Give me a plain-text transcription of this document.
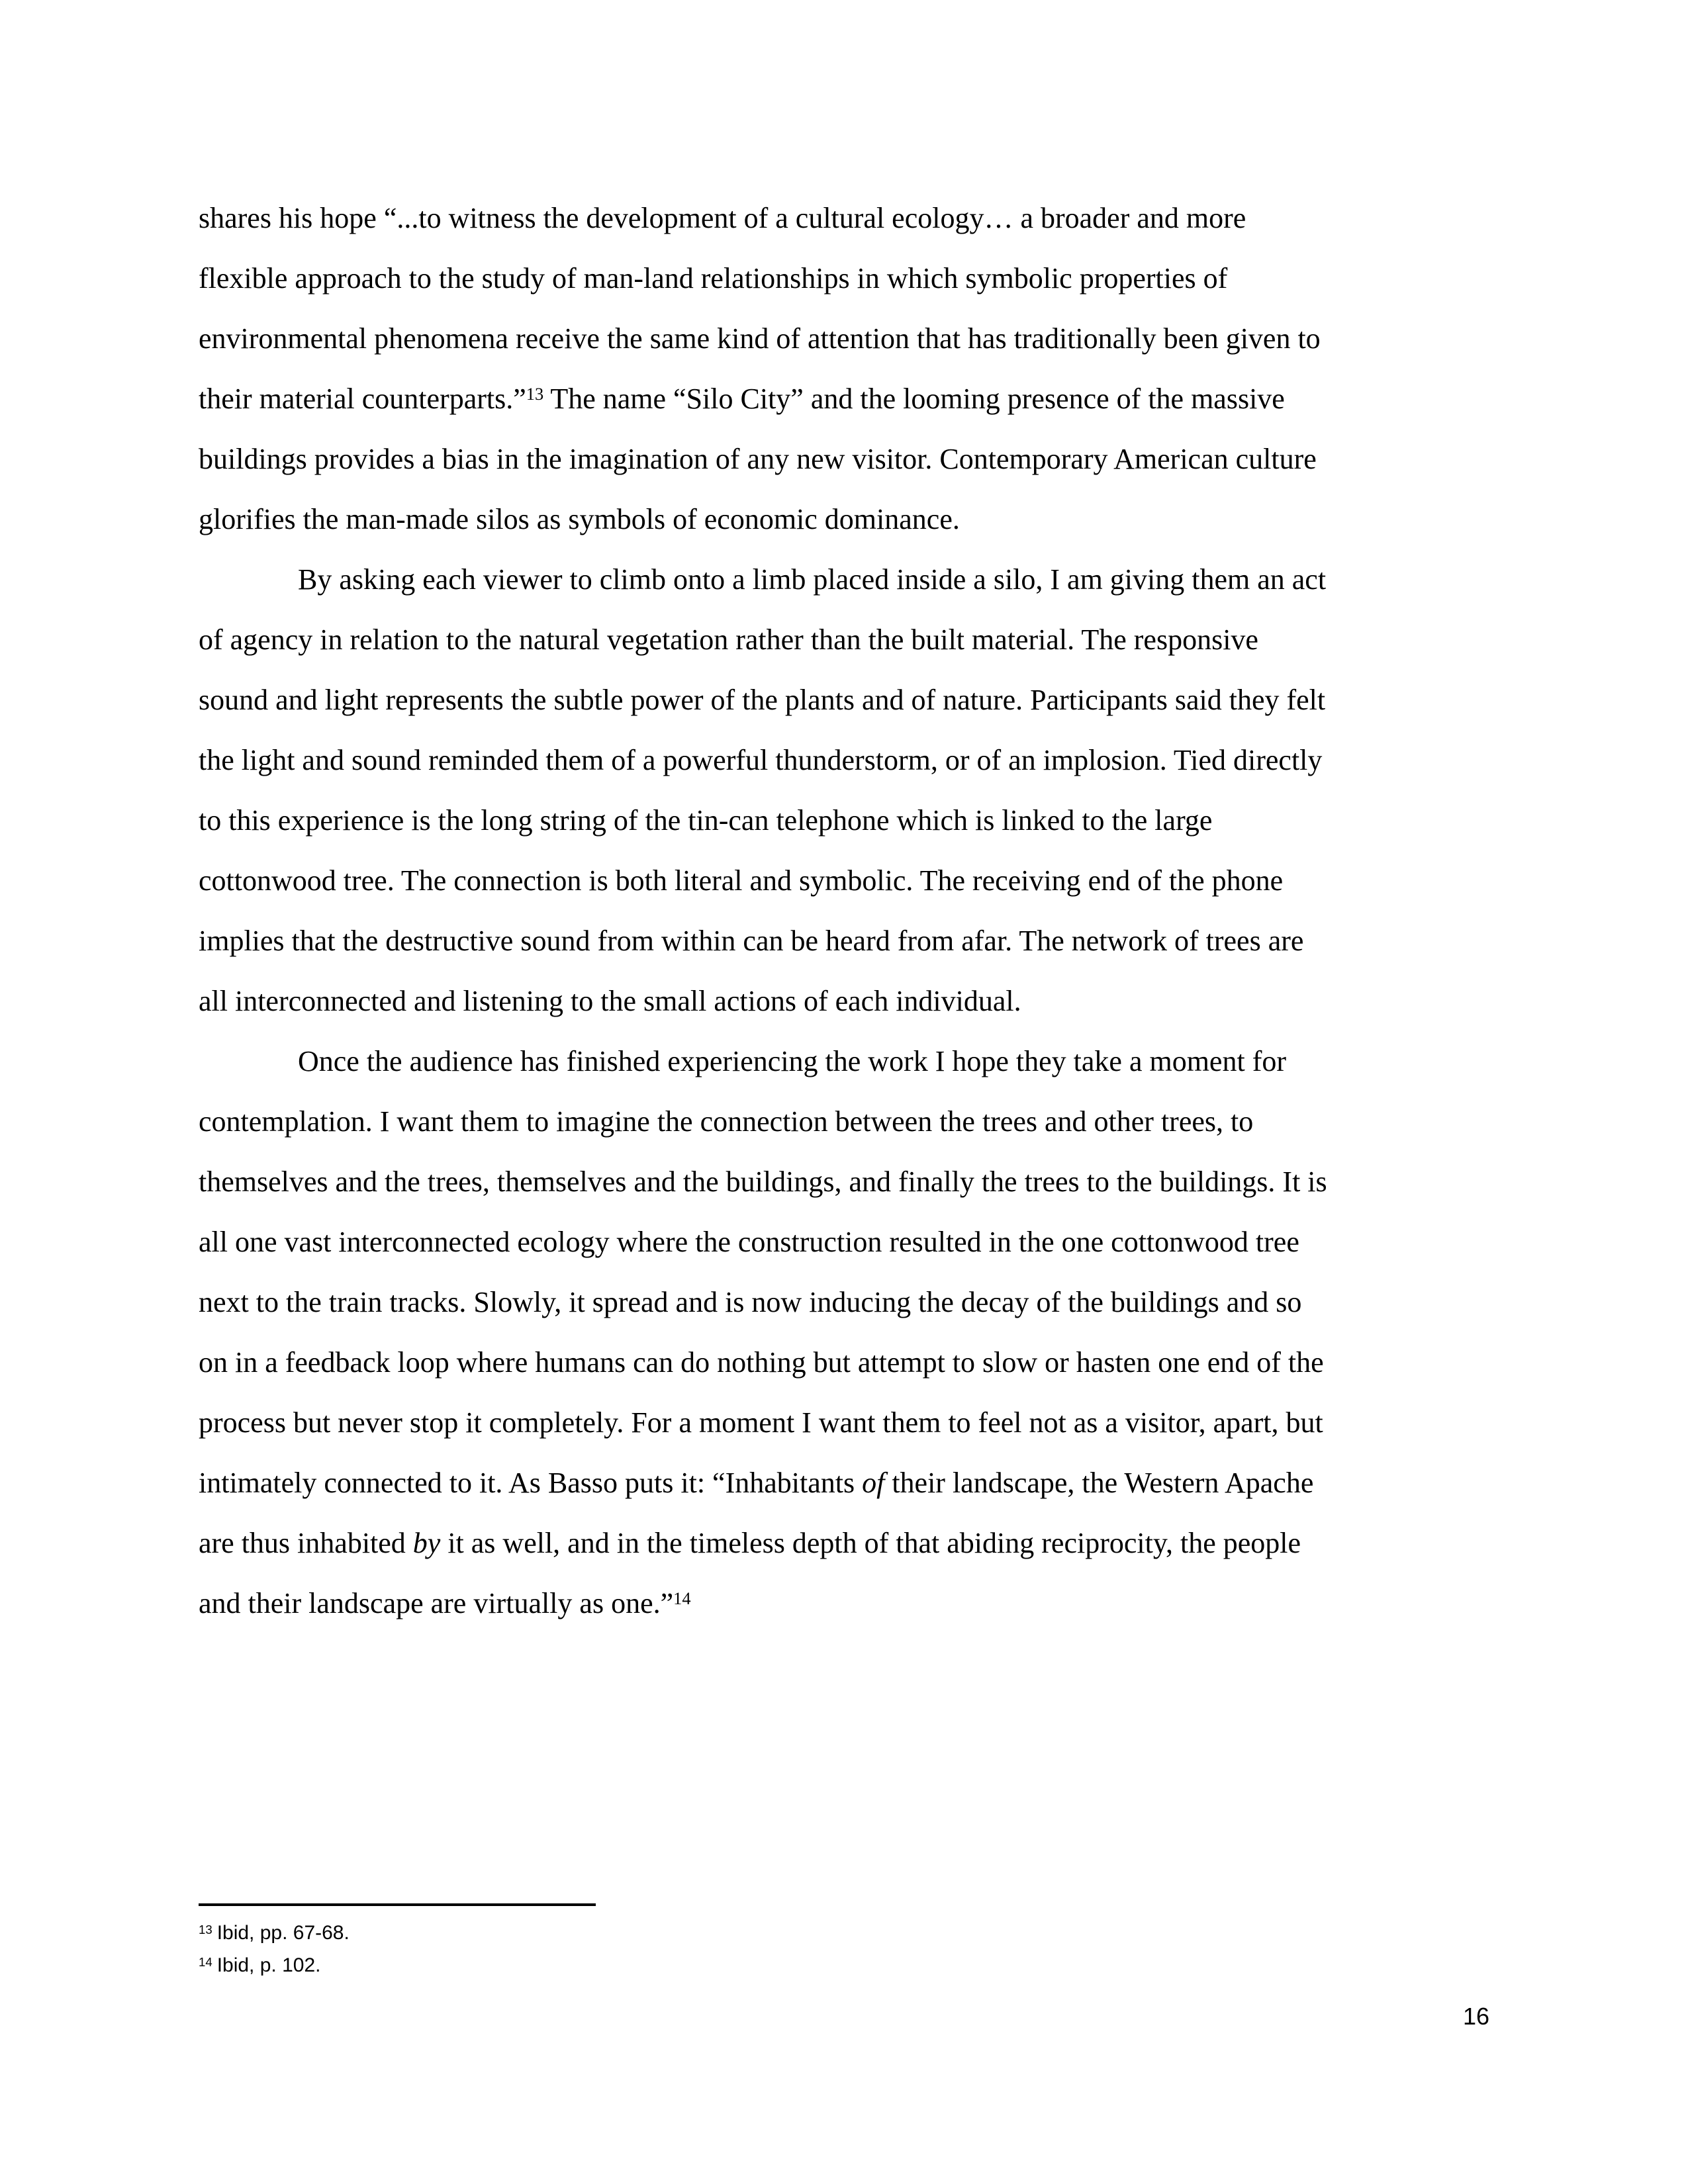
shares his hope “...to witness the development of a cultural ecology… a broader and more
flexible approach to the study of man-land relationships in which symbolic properties of
environmental phenomena receive the same kind of attention that has traditionally been given to
their material counterparts.”$^{13}$ The name “Silo City” and the looming presence of the massive
buildings provides a bias in the imagination of any new visitor. Contemporary American culture
glorifies the man-made silos as symbols of economic dominance.
By asking each viewer to climb onto a limb placed inside a silo, I am giving them an act
of agency in relation to the natural vegetation rather than the built material. The responsive
sound and light represents the subtle power of the plants and of nature. Participants said they felt
the light and sound reminded them of a powerful thunderstorm, or of an implosion. Tied directly
to this experience is the long string of the tin-can telephone which is linked to the large
cottonwood tree. The connection is both literal and symbolic. The receiving end of the phone
implies that the destructive sound from within can be heard from afar. The network of trees are
all interconnected and listening to the small actions of each individual.
Once the audience has finished experiencing the work I hope they take a moment for
contemplation. I want them to imagine the connection between the trees and other trees, to
themselves and the trees, themselves and the buildings, and finally the trees to the buildings. It is
all one vast interconnected ecology where the construction resulted in the one cottonwood tree
next to the train tracks. Slowly, it spread and is now inducing the decay of the buildings and so
on in a feedback loop where humans can do nothing but attempt to slow or hasten one end of the
process but never stop it completely. For a moment I want them to feel not as a visitor, apart, but
intimately connected to it. As Basso puts it: “Inhabitants of their landscape, the Western Apache
are thus inhabited by it as well, and in the timeless depth of that abiding reciprocity, the people
and their landscape are virtually as one.”$^{14}$
$^{13}$ Ibid, pp. 67-68.
$^{14}$ Ibid, p. 102.
16
